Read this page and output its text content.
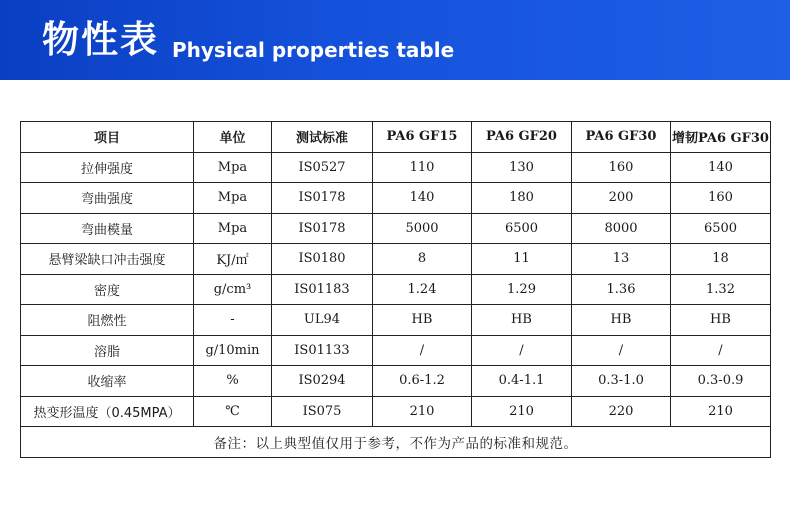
物性表 Physical properties table
项目	单位	测试标准	PA6 GF15	PA6 GF20	PA6 GF30	增韧PA6 GF30
拉伸强度	Mpa	IS0527	110	130	160	140
弯曲强度	Mpa	IS0178	140	180	200	160
弯曲模量	Mpa	IS0178	5000	6500	8000	6500
悬臂梁缺口冲击强度	KJ/㎡	IS0180	8	11	13	18
密度	g/cm³	IS01183	1.24	1.29	1.36	1.32
阻燃性	-	UL94	HB	HB	HB	HB
溶脂	g/10min	IS01133	/	/	/	/
收缩率	%	IS0294	0.6-1.2	0.4-1.1	0.3-1.0	0.3-0.9
热变形温度（0.45MPA）	℃	IS075	210	210	220	210
备注：以上典型值仅用于参考，不作为产品的标准和规范。						
